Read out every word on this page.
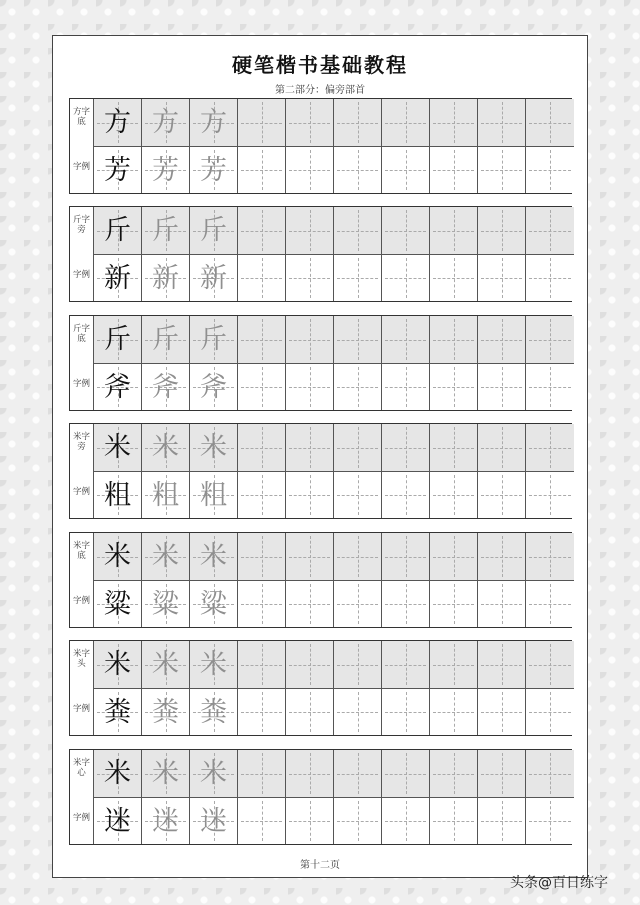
硬笔楷书基础教程
第二部分：偏旁部首
方字底
字例
方 方 方
芳 芳 芳
斤字旁
字例
斤 斤 斤
新 新 新
斤字底
字例
斤 斤 斤
斧 斧 斧
米字旁
字例
米 米 米
粗 粗 粗
米字底
字例
米 米 米
粱 粱 粱
米字头
字例
米 米 米
粪 粪 粪
米字心
字例
米 米 米
迷 迷 迷
第十二页
头条@百日练字
